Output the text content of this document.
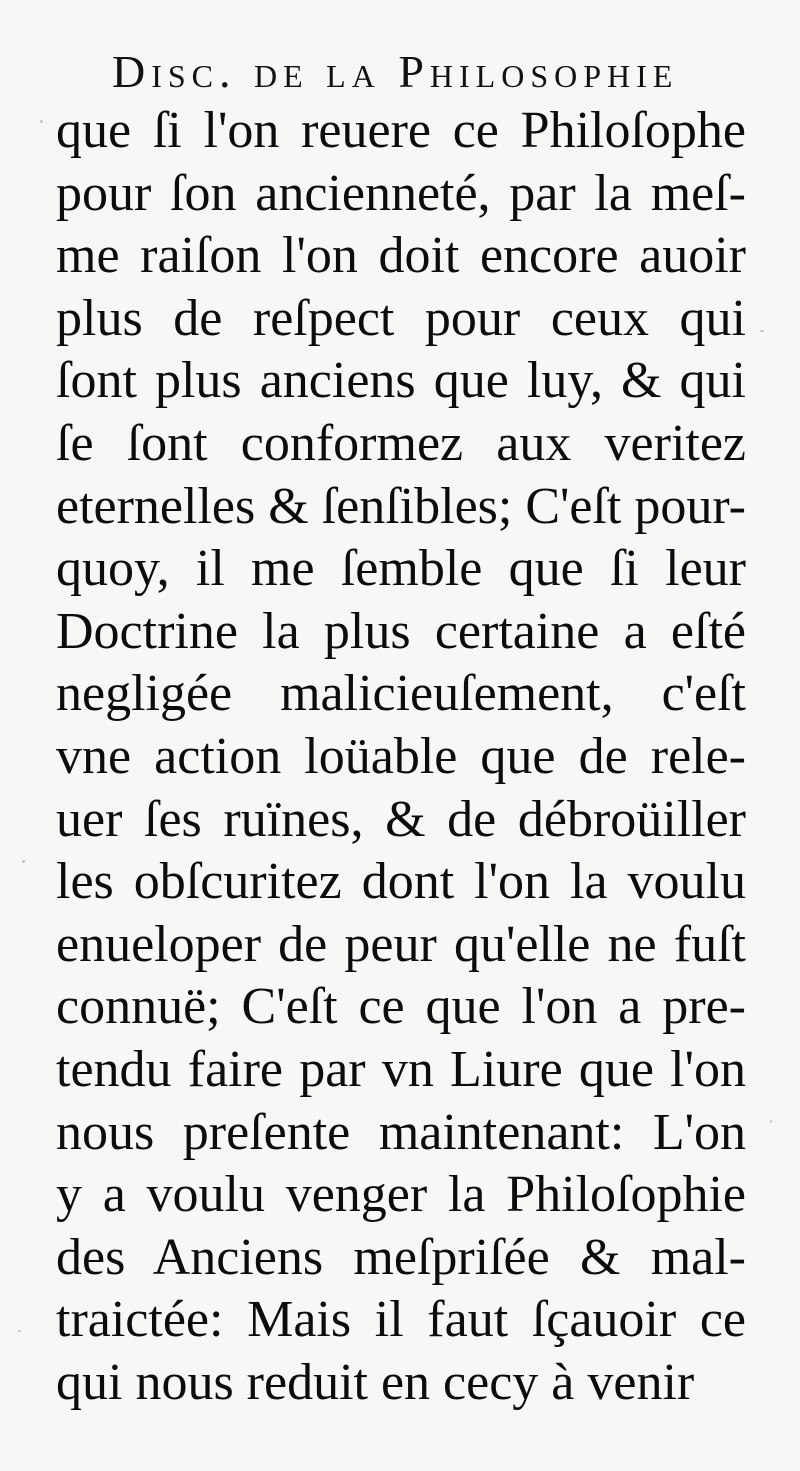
Disc. de la Philosophie
que ſi l'on reuere ce Philoſophe
pour ſon ancienneté, par la meſ-
me raiſon l'on doit encore auoir
plus de reſpect pour ceux qui
ſont plus anciens que luy, & qui
ſe ſont conformez aux veritez
eternelles & ſenſibles; C'eſt pour-
quoy, il me ſemble que ſi leur
Doctrine la plus certaine a eſté
negligée malicieuſement, c'eſt
vne action loüable que de rele-
uer ſes ruïnes, & de débroüiller
les obſcuritez dont l'on la voulu
enueloper de peur qu'elle ne fuſt
connuë; C'eſt ce que l'on a pre-
tendu faire par vn Liure que l'on
nous preſente maintenant: L'on
y a voulu venger la Philoſophie
des Anciens meſpriſée & mal-
traictée: Mais il faut ſçauoir ce
qui nous reduit en cecy à venir
